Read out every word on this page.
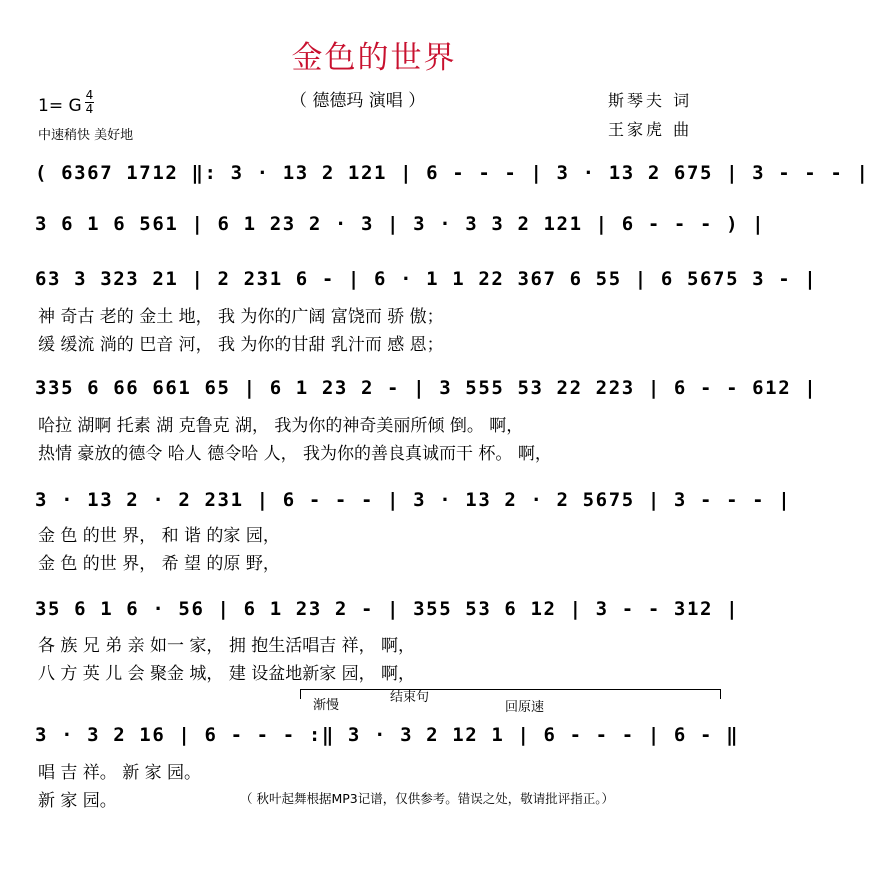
金色的世界
（ 德德玛 演唱 ）	斯琴夫 词
王家虎 曲
1= G
4
4
中速稍快 美好地
( 6367 1712 ‖: 3 · 13 2 121 | 6 - - - | 3 · 13 2 675 | 3 - - - |
3 6 1 6 561 | 6 1 23 2 · 3 | 3 · 3 3 2 121 | 6 - - - ) |
63 3 323 21 | 2 231 6 - | 6 · 1 1 22 367 6 55 | 6 5675 3 - |
神 奇古 老的 金土 地， 我 为你的广阔 富饶而 骄 傲；
缓 缓流 淌的 巴音 河， 我 为你的甘甜 乳汁而 感 恩；
335 6 66 661 65 | 6 1 23 2 - | 3 555 53 22 223 | 6 - - 612 |
哈拉 湖啊 托素 湖 克鲁克 湖， 我为你的神奇美丽所倾 倒。 啊，
热情 豪放的德令 哈人 德令哈 人， 我为你的善良真诚而干 杯。 啊，
3 · 13 2 · 2 231 | 6 - - - | 3 · 13 2 · 2 5675 | 3 - - - |
金 色 的世 界， 和 谐 的家 园，
金 色 的世 界， 希 望 的原 野，
35 6 1 6 · 56 | 6 1 23 2 - | 355 53 6 12 | 3 - - 312 |
各 族 兄 弟 亲 如一 家， 拥 抱生活唱吉 祥， 啊，
八 方 英 儿 会 聚金 城， 建 设盆地新家 园， 啊，
渐慢
结束句
回原速
3 · 3 2 16 | 6 - - - :‖ 3 · 3 2 12 1 | 6 - - - | 6 - ‖
唱 吉 祥。 新 家 园。
新 家 园。	（ 秋叶起舞根据MP3记谱，仅供参考。错误之处，敬请批评指正。）
